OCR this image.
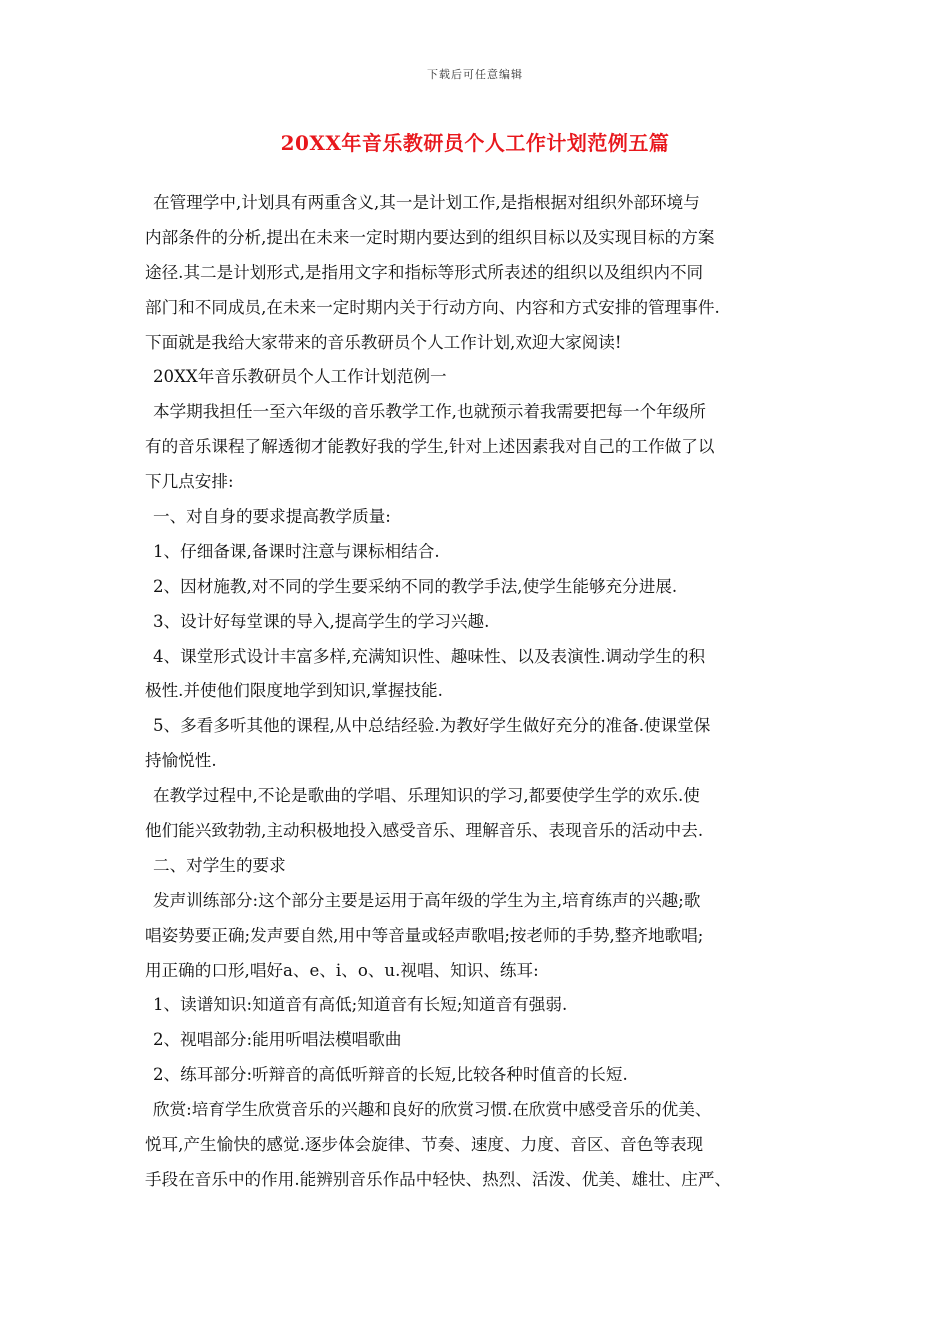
下载后可任意编辑
20XX年音乐教研员个人工作计划范例五篇
在管理学中,计划具有两重含义,其一是计划工作,是指根据对组织外部环境与
内部条件的分析,提出在未来一定时期内要达到的组织目标以及实现目标的方案
途径.其二是计划形式,是指用文字和指标等形式所表述的组织以及组织内不同
部门和不同成员,在未来一定时期内关于行动方向、内容和方式安排的管理事件.
下面就是我给大家带来的音乐教研员个人工作计划,欢迎大家阅读!
20XX年音乐教研员个人工作计划范例一
本学期我担任一至六年级的音乐教学工作,也就预示着我需要把每一个年级所
有的音乐课程了解透彻才能教好我的学生,针对上述因素我对自己的工作做了以
下几点安排:
一、对自身的要求提高教学质量:
1、仔细备课,备课时注意与课标相结合.
2、因材施教,对不同的学生要采纳不同的教学手法,使学生能够充分进展.
3、设计好每堂课的导入,提高学生的学习兴趣.
4、课堂形式设计丰富多样,充满知识性、趣味性、以及表演性.调动学生的积
极性.并使他们限度地学到知识,掌握技能.
5、多看多听其他的课程,从中总结经验.为教好学生做好充分的准备.使课堂保
持愉悦性.
在教学过程中,不论是歌曲的学唱、乐理知识的学习,都要使学生学的欢乐.使
他们能兴致勃勃,主动积极地投入感受音乐、理解音乐、表现音乐的活动中去.
二、对学生的要求
发声训练部分:这个部分主要是运用于高年级的学生为主,培育练声的兴趣;歌
唱姿势要正确;发声要自然,用中等音量或轻声歌唱;按老师的手势,整齐地歌唱;
用正确的口形,唱好a、e、i、o、u.视唱、知识、练耳:
1、读谱知识:知道音有高低;知道音有长短;知道音有强弱.
2、视唱部分:能用听唱法模唱歌曲
2、练耳部分:听辩音的高低听辩音的长短,比较各种时值音的长短.
欣赏:培育学生欣赏音乐的兴趣和良好的欣赏习惯.在欣赏中感受音乐的优美、
悦耳,产生愉快的感觉.逐步体会旋律、节奏、速度、力度、音区、音色等表现
手段在音乐中的作用.能辨别音乐作品中轻快、热烈、活泼、优美、雄壮、庄严、
